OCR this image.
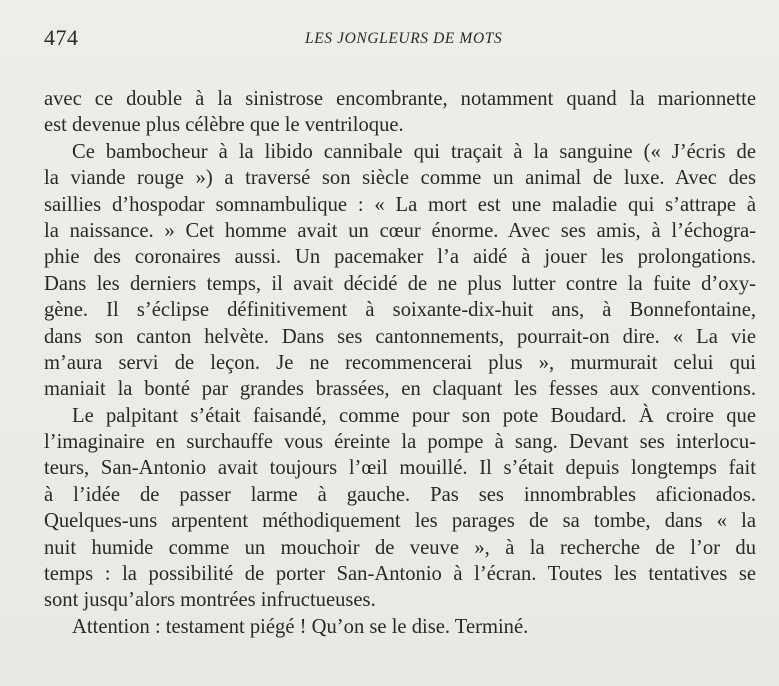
474	LES JONGLEURS DE MOTS
avec ce double à la sinistrose encombrante, notamment quand la marionnette
est devenue plus célèbre que le ventriloque.
Ce bambocheur à la libido cannibale qui traçait à la sanguine (« J’écris de
la viande rouge ») a traversé son siècle comme un animal de luxe. Avec des
saillies d’hospodar somnambulique : « La mort est une maladie qui s’attrape à
la naissance. » Cet homme avait un cœur énorme. Avec ses amis, à l’échogra-
phie des coronaires aussi. Un pacemaker l’a aidé à jouer les prolongations.
Dans les derniers temps, il avait décidé de ne plus lutter contre la fuite d’oxy-
gène. Il s’éclipse définitivement à soixante-dix-huit ans, à Bonnefontaine,
dans son canton helvète. Dans ses cantonnements, pourrait-on dire. « La vie
m’aura servi de leçon. Je ne recommencerai plus », murmurait celui qui
maniait la bonté par grandes brassées, en claquant les fesses aux conventions.
Le palpitant s’était faisandé, comme pour son pote Boudard. À croire que
l’imaginaire en surchauffe vous éreinte la pompe à sang. Devant ses interlocu-
teurs, San-Antonio avait toujours l’œil mouillé. Il s’était depuis longtemps fait
à l’idée de passer larme à gauche. Pas ses innombrables aficionados.
Quelques-uns arpentent méthodiquement les parages de sa tombe, dans « la
nuit humide comme un mouchoir de veuve », à la recherche de l’or du
temps : la possibilité de porter San-Antonio à l’écran. Toutes les tentatives se
sont jusqu’alors montrées infructueuses.
Attention : testament piégé ! Qu’on se le dise. Terminé.
